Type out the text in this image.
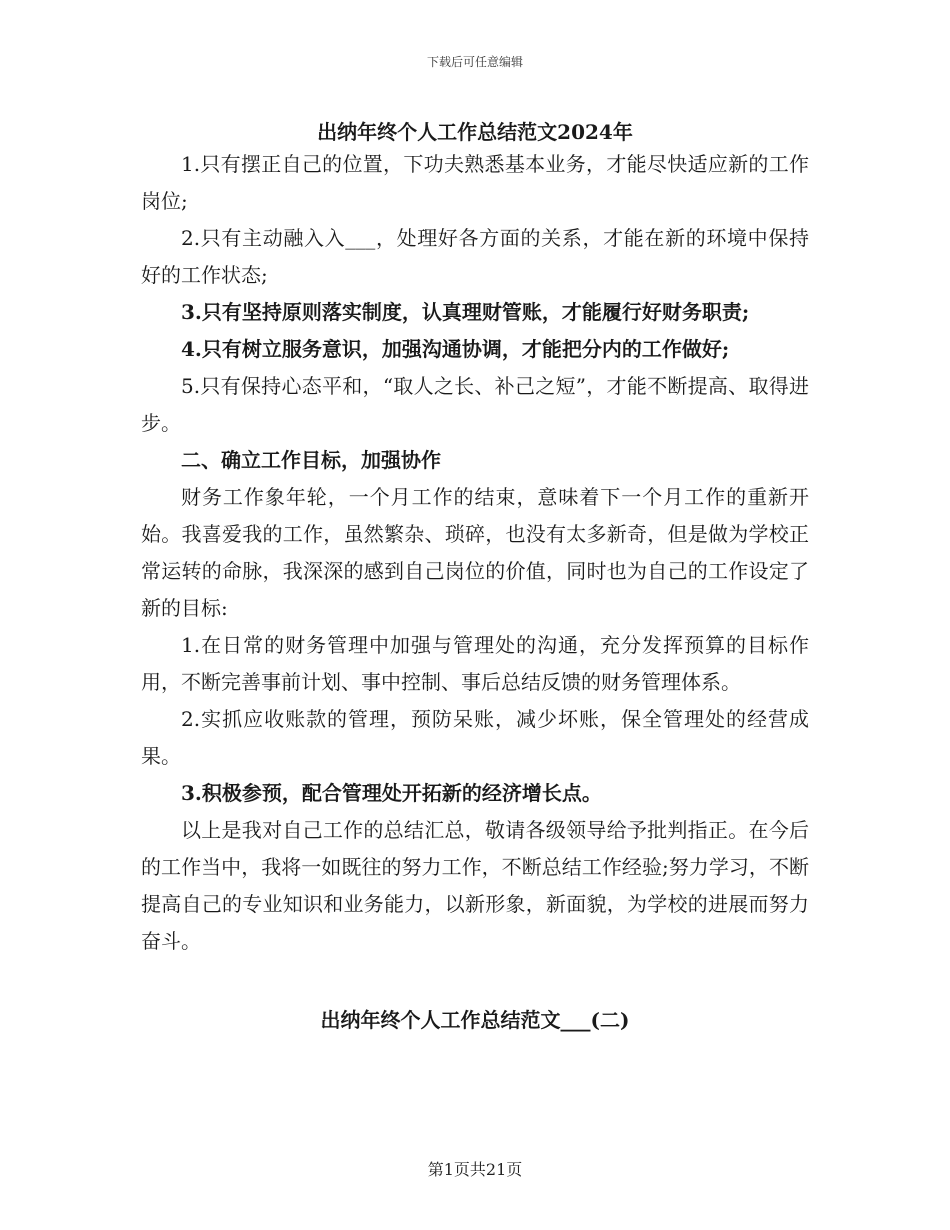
下载后可任意编辑
出纳年终个人工作总结范文2024年

1.只有摆正自己的位置，下功夫熟悉基本业务，才能尽快适应新的工作岗位;

2.只有主动融入入___，处理好各方面的关系，才能在新的环境中保持好的工作状态;

3.只有坚持原则落实制度，认真理财管账，才能履行好财务职责;

4.只有树立服务意识，加强沟通协调，才能把分内的工作做好;

5.只有保持心态平和，“取人之长、补己之短”，才能不断提高、取得进步。

二、确立工作目标，加强协作

财务工作象年轮，一个月工作的结束，意味着下一个月工作的重新开始。我喜爱我的工作，虽然繁杂、琐碎，也没有太多新奇，但是做为学校正常运转的命脉，我深深的感到自己岗位的价值，同时也为自己的工作设定了新的目标:

1.在日常的财务管理中加强与管理处的沟通，充分发挥预算的目标作用，不断完善事前计划、事中控制、事后总结反馈的财务管理体系。

2.实抓应收账款的管理，预防呆账，减少坏账，保全管理处的经营成果。

3.积极参预，配合管理处开拓新的经济增长点。

以上是我对自己工作的总结汇总，敬请各级领导给予批判指正。在今后的工作当中，我将一如既往的努力工作，不断总结工作经验;努力学习，不断提高自己的专业知识和业务能力，以新形象，新面貌，为学校的进展而努力奋斗。

出纳年终个人工作总结范文___(二)
第1页共21页
